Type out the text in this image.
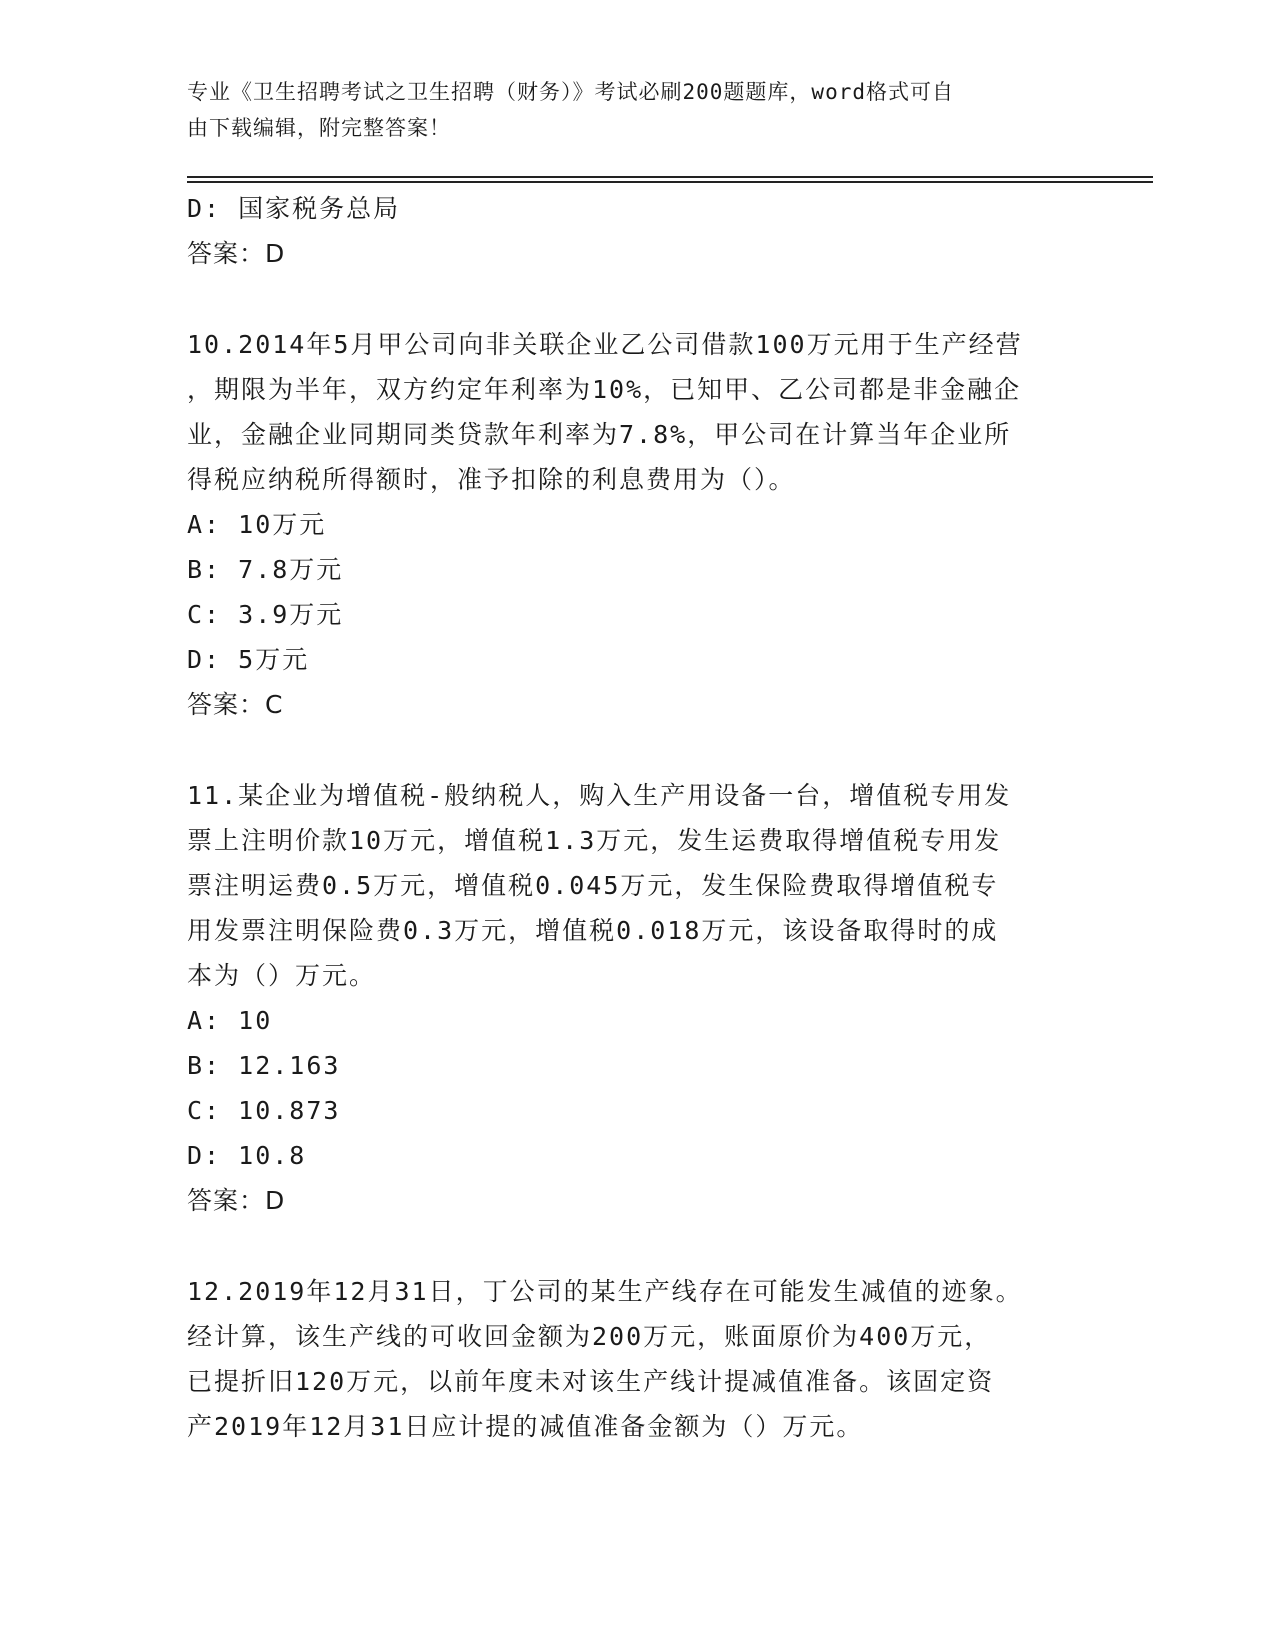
专业《卫生招聘考试之卫生招聘（财务）》考试必刷200题题库，word格式可自
由下载编辑，附完整答案！
D: 国家税务总局
答案：D
10.2014年5月甲公司向非关联企业乙公司借款100万元用于生产经营
，期限为半年，双方约定年利率为10%，已知甲、乙公司都是非金融企
业，金融企业同期同类贷款年利率为7.8%，甲公司在计算当年企业所
得税应纳税所得额时，准予扣除的利息费用为（）。
A: 10万元
B: 7.8万元
C: 3.9万元
D: 5万元
答案：C
11.某企业为增值税-般纳税人，购入生产用设备一台，增值税专用发
票上注明价款10万元，增值税1.3万元，发生运费取得增值税专用发
票注明运费0.5万元，增值税0.045万元，发生保险费取得增值税专
用发票注明保险费0.3万元，增值税0.018万元，该设备取得时的成
本为（）万元。
A: 10
B: 12.163
C: 10.873
D: 10.8
答案：D
12.2019年12月31日，丁公司的某生产线存在可能发生减值的迹象。
经计算，该生产线的可收回金额为200万元，账面原价为400万元，
已提折旧120万元，以前年度未对该生产线计提减值准备。该固定资
产2019年12月31日应计提的减值准备金额为（）万元。
